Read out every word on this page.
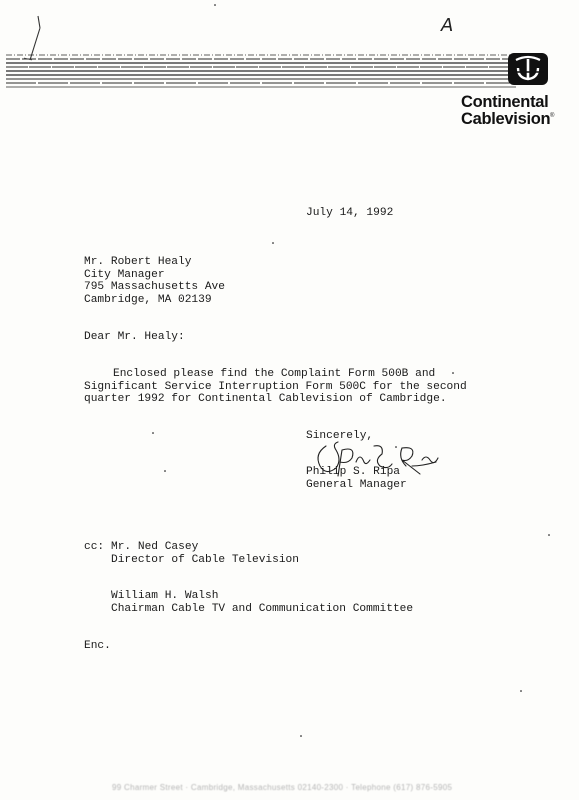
A
Continental
Cablevision ®
July 14, 1992
Mr. Robert Healy
City Manager
795 Massachusetts Ave
Cambridge, MA 02139
Dear Mr. Healy:
Enclosed please find the Complaint Form 500B and
Significant Service Interruption Form 500C for the second
quarter 1992 for Continental Cablevision of Cambridge.
Sincerely,
Philip S. Ripa
General Manager
cc: Mr. Ned Casey
Director of Cable Television
William H. Walsh
Chairman Cable TV and Communication Committee
Enc.
99 Charmer Street · Cambridge, Massachusetts 02140-2300 · Telephone (617) 876-5905
